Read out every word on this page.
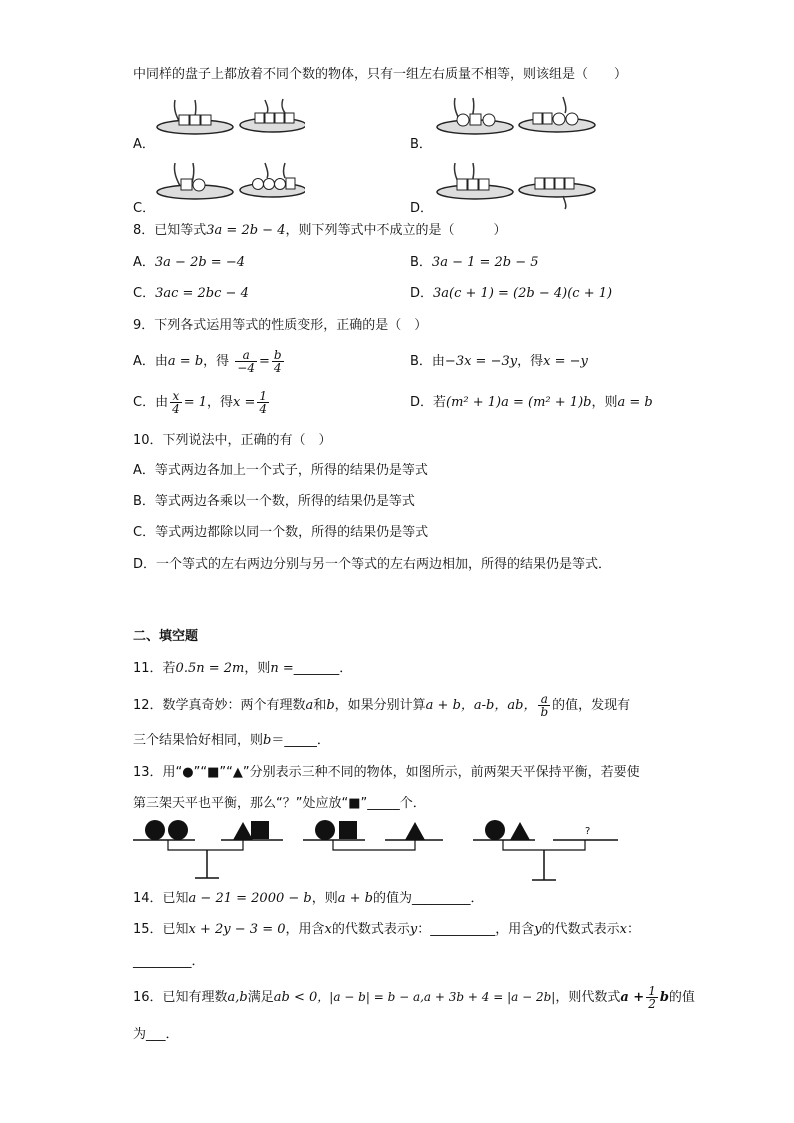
中同样的盘子上都放着不同个数的物体，只有一组左右质量不相等，则该组是（　　）
A．	B．
C．	D．
8．已知等式3a = 2b − 4，则下列等式中不成立的是（　　　）
A．3a − 2b = −4	B．3a − 1 = 2b − 5
C．3ac = 2bc − 4	D．3a(c + 1) = (2b − 4)(c + 1)
9．下列各式运用等式的性质变形，正确的是（　）
A．由a = b，得 $\frac{a}{-4} = \frac{b}{4}$	B．由−3x = −3y，得x = −y
C．由 $\frac{x}{4} = 1$，得$x = \frac{1}{4}$	D．若(m² + 1)a = (m² + 1)b，则a = b
10．下列说法中，正确的有（　）
A．等式两边各加上一个式子，所得的结果仍是等式
B．等式两边各乘以一个数，所得的结果仍是等式
C．等式两边都除以同一个数，所得的结果仍是等式
D．一个等式的左右两边分别与另一个等式的左右两边相加，所得的结果仍是等式．
二、填空题
11．若0.5n = 2m，则n =_______．
12．数学真奇妙：两个有理数a和b，如果分别计算a + b，a-b，ab， $\frac{a}{b}$ 的值，发现有
三个结果恰好相同，则b＝_____．
13．用“●”“■”“▲”分别表示三种不同的物体，如图所示，前两架天平保持平衡，若要使
第三架天平也平衡，那么“？”处应放“■”_____个．
?
14．已知a − 21 = 2000 − b，则a + b的值为_________．
15．已知x + 2y − 3 = 0，用含x的代数式表示y：__________，用含y的代数式表示x：
_________．
16．已知有理数a,b满足ab < 0，|a − b| = b − a,a + 3b + 4 = |a − 2b|，则代数式$a + \frac{1}{2}$ b的值
为___．
